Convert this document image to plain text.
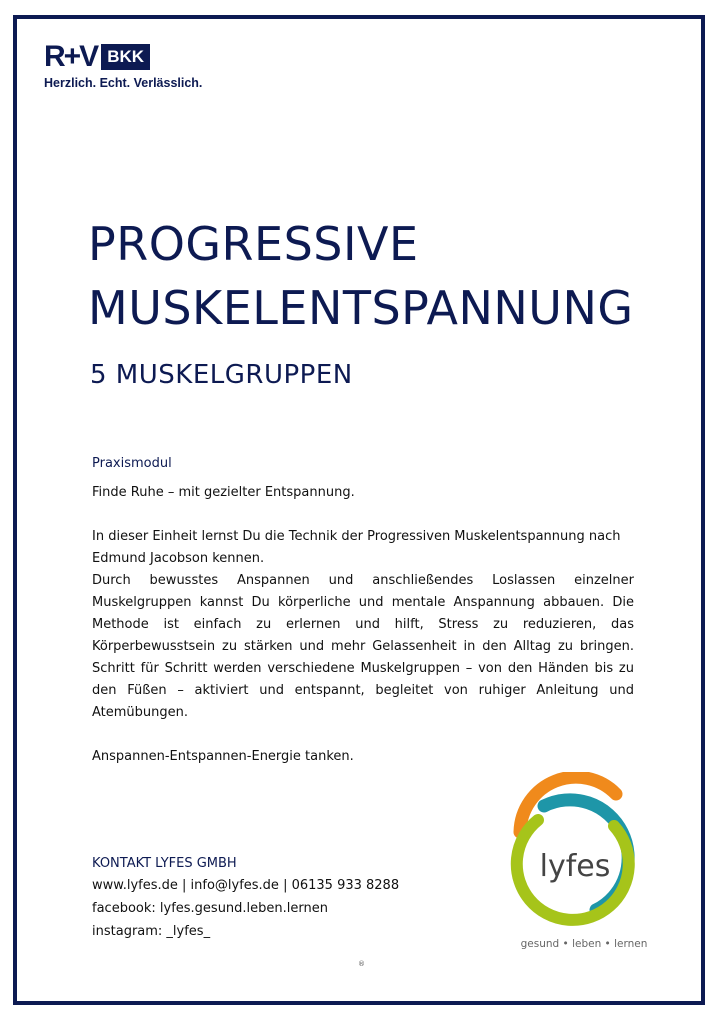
R+V BKK
Herzlich. Echt. Verlässlich.
PROGRESSIVE
MUSKELENTSPANNUNG
5 MUSKELGRUPPEN
Praxismodul

Finde Ruhe – mit gezielter Entspannung.

In dieser Einheit lernst Du die Technik der Progressiven Muskelentspannung nach Edmund Jacobson kennen.

Durch bewusstes Anspannen und anschließendes Loslassen einzelner Muskelgruppen kannst Du körperliche und mentale Anspannung abbauen. Die Methode ist einfach zu erlernen und hilft, Stress zu reduzieren, das Körperbewusstsein zu stärken und mehr Gelassenheit in den Alltag zu bringen. Schritt für Schritt werden verschiedene Muskelgruppen – von den Händen bis zu den Füßen – aktiviert und entspannt, begleitet von ruhiger Anleitung und Atemübungen.

Anspannen-Entspannen-Energie tanken.

KONTAKT LYFES GMBH
www.lyfes.de | info@lyfes.de | 06135 933 8288
facebook: lyfes.gesund.leben.lernen
instagram: _lyfes_
lyfes
gesund • leben • lernen
®
